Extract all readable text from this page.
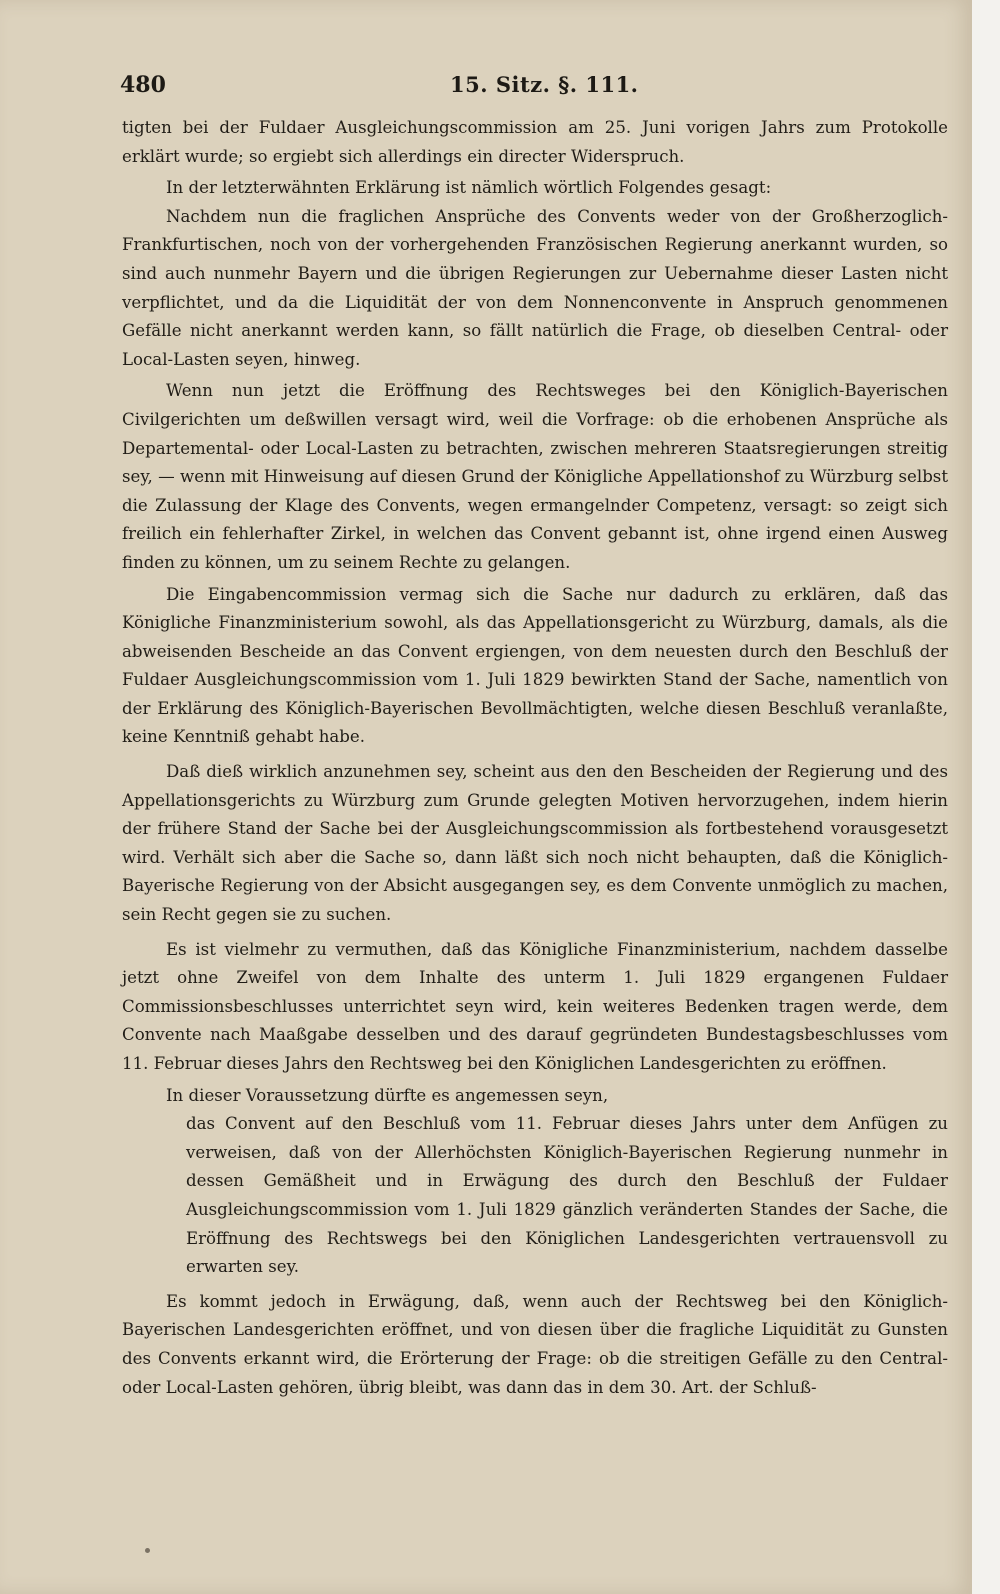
480	15. Sitz. §. 111.

tigten bei der Fuldaer Ausgleichungscommission am 25. Juni vorigen Jahrs zum Protokolle erklärt wurde; so ergiebt sich allerdings ein directer Widerspruch.

In der letzterwähnten Erklärung ist nämlich wörtlich Folgendes gesagt:

Nachdem nun die fraglichen Ansprüche des Convents weder von der Großherzoglich-Frankfurtischen, noch von der vorhergehenden Französischen Regierung anerkannt wurden, so sind auch nunmehr Bayern und die übrigen Regierungen zur Uebernahme dieser Lasten nicht verpflichtet, und da die Liquidität der von dem Nonnenconvente in Anspruch genommenen Gefälle nicht anerkannt werden kann, so fällt natürlich die Frage, ob dieselben Central- oder Local-Lasten seyen, hinweg.

Wenn nun jetzt die Eröffnung des Rechtsweges bei den Königlich-Bayerischen Civilgerichten um deßwillen versagt wird, weil die Vorfrage: ob die erhobenen Ansprüche als Departemental- oder Local-Lasten zu betrachten, zwischen mehreren Staatsregierungen streitig sey, — wenn mit Hinweisung auf diesen Grund der Königliche Appellationshof zu Würzburg selbst die Zulassung der Klage des Convents, wegen ermangelnder Competenz, versagt: so zeigt sich freilich ein fehlerhafter Zirkel, in welchen das Convent gebannt ist, ohne irgend einen Ausweg finden zu können, um zu seinem Rechte zu gelangen.

Die Eingabencommission vermag sich die Sache nur dadurch zu erklären, daß das Königliche Finanzministerium sowohl, als das Appellationsgericht zu Würzburg, damals, als die abweisenden Bescheide an das Convent ergiengen, von dem neuesten durch den Beschluß der Fuldaer Ausgleichungscommission vom 1. Juli 1829 bewirkten Stand der Sache, namentlich von der Erklärung des Königlich-Bayerischen Bevollmächtigten, welche diesen Beschluß veranlaßte, keine Kenntniß gehabt habe.

Daß dieß wirklich anzunehmen sey, scheint aus den den Bescheiden der Regierung und des Appellationsgerichts zu Würzburg zum Grunde gelegten Motiven hervorzugehen, indem hierin der frühere Stand der Sache bei der Ausgleichungscommission als fortbestehend vorausgesetzt wird. Verhält sich aber die Sache so, dann läßt sich noch nicht behaupten, daß die Königlich-Bayerische Regierung von der Absicht ausgegangen sey, es dem Convente unmöglich zu machen, sein Recht gegen sie zu suchen.

Es ist vielmehr zu vermuthen, daß das Königliche Finanzministerium, nachdem dasselbe jetzt ohne Zweifel von dem Inhalte des unterm 1. Juli 1829 ergangenen Fuldaer Commissionsbeschlusses unterrichtet seyn wird, kein weiteres Bedenken tragen werde, dem Convente nach Maaßgabe desselben und des darauf gegründeten Bundestagsbeschlusses vom 11. Februar dieses Jahrs den Rechtsweg bei den Königlichen Landesgerichten zu eröffnen.

In dieser Voraussetzung dürfte es angemessen seyn,

das Convent auf den Beschluß vom 11. Februar dieses Jahrs unter dem Anfügen zu verweisen, daß von der Allerhöchsten Königlich-Bayerischen Regierung nunmehr in dessen Gemäßheit und in Erwägung des durch den Beschluß der Fuldaer Ausgleichungscommission vom 1. Juli 1829 gänzlich veränderten Standes der Sache, die Eröffnung des Rechtswegs bei den Königlichen Landesgerichten vertrauensvoll zu erwarten sey.

Es kommt jedoch in Erwägung, daß, wenn auch der Rechtsweg bei den Königlich-Bayerischen Landesgerichten eröffnet, und von diesen über die fragliche Liquidität zu Gunsten des Convents erkannt wird, die Erörterung der Frage: ob die streitigen Gefälle zu den Central- oder Local-Lasten gehören, übrig bleibt, was dann das in dem 30. Art. der Schluß-
